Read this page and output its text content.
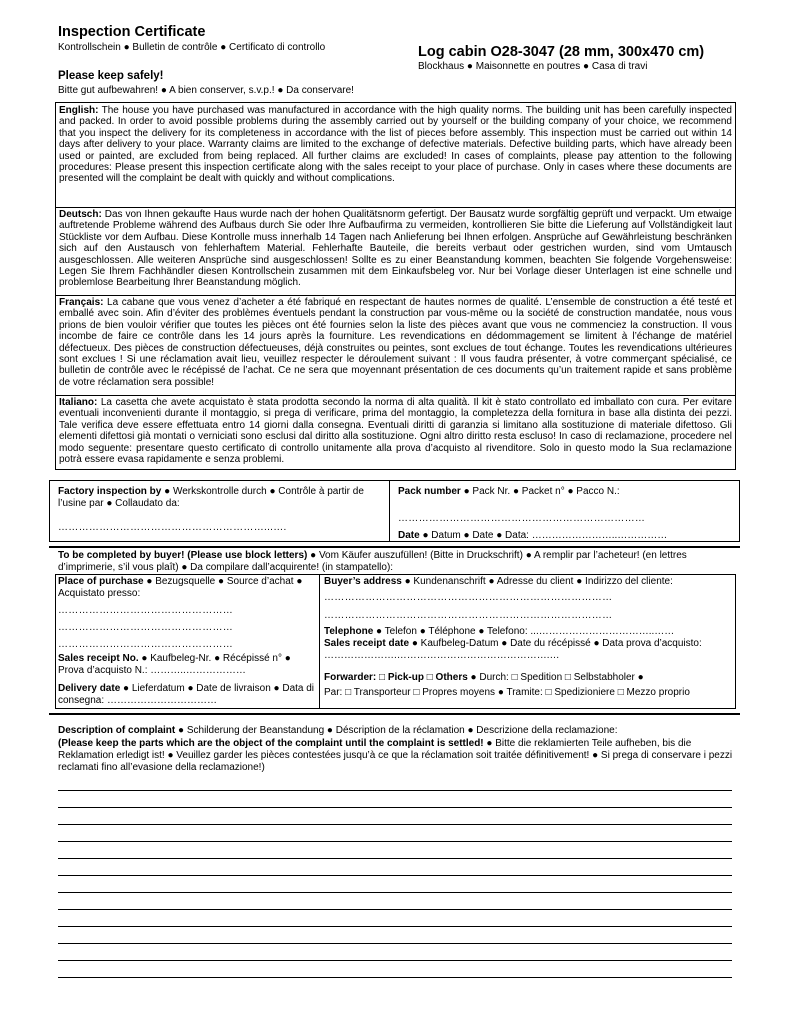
Inspection Certificate
Kontrollschein ● Bulletin de contrôle ● Certificato di controllo	Log cabin O28-3047 (28 mm, 300x470 cm)
Blockhaus ● Maisonnette en poutres ● Casa di travi
Please keep safely!
Bitte gut aufbewahren! ● A bien conserver, s.v.p.! ● Da conservare!
English: The house you have purchased was manufactured in accordance with the high quality norms. The building unit has been carefully inspected and packed. In order to avoid possible problems during the assembly carried out by yourself or the building company of your choice, we recommend that you inspect the delivery for its completeness in accordance with the list of pieces before assembly. This inspection must be carried out within 14 days after delivery to your place. Warranty claims are limited to the exchange of defective materials. Defective building parts, which have already been used or painted, are excluded from being replaced. All further claims are excluded! In cases of complaints, please pay attention to the following procedures: Please present this inspection certificate along with the sales receipt to your place of purchase. Only in cases where these documents are presented will the complaint be dealt with quickly and without complications.
Deutsch: Das von Ihnen gekaufte Haus wurde nach der hohen Qualitätsnorm gefertigt. Der Bausatz wurde sorgfältig geprüft und verpackt. Um etwaige auftretende Probleme während des Aufbaus durch Sie oder Ihre Aufbaufirma zu vermeiden, kontrollieren Sie bitte die Lieferung auf Vollständigkeit laut Stückliste vor dem Aufbau. Diese Kontrolle muss innerhalb 14 Tagen nach Anlieferung bei Ihnen erfolgen. Ansprüche auf Gewährleistung beschränken sich auf den Austausch von fehlerhaftem Material. Fehlerhafte Bauteile, die bereits verbaut oder gestrichen wurden, sind vom Umtausch ausgeschlossen. Alle weiteren Ansprüche sind ausgeschlossen! Sollte es zu einer Beanstandung kommen, beachten Sie folgende Vorgehensweise: Legen Sie Ihrem Fachhändler diesen Kontrollschein zusammen mit dem Einkaufsbeleg vor. Nur bei Vorlage dieser Unterlagen ist eine schnelle und problemlose Bearbeitung Ihrer Beanstandung möglich.
Français: La cabane que vous venez d’acheter a été fabriqué en respectant de hautes normes de qualité. L’ensemble de construction a été testé et emballé avec soin. Afin d’éviter des problèmes éventuels pendant la construction par vous-même ou la société de construction mandatée, nous vous prions de bien vouloir vérifier que toutes les pièces ont été fournies selon la liste des pièces avant que vous ne commenciez la construction. Il vous incombe de faire ce contrôle dans les 14 jours après la fourniture. Les revendications en dédommagement se limitent à l’échange de matériel défectueux. Des pièces de construction défectueuses, déjà construites ou peintes, sont exclues de tout échange. Toutes les revendications ultérieures sont exclues ! Si une réclamation avait lieu, veuillez respecter le déroulement suivant : Il vous faudra présenter, à votre commerçant spécialisé, ce bulletin de contrôle avec le récépissé de l’achat. Ce ne sera que moyennant présentation de ces documents qu’un traitement rapide et sans problème de votre réclamation sera possible!
Italiano: La casetta che avete acquistato è stata prodotta secondo la norma di alta qualità. Il kit è stato controllato ed imballato con cura. Per evitare eventuali inconvenienti durante il montaggio, si prega di verificare, prima del montaggio, la completezza della fornitura in base alla distinta dei pezzi. Tale verifica deve essere effettuata entro 14 giorni dalla consegna. Eventuali diritti di garanzia si limitano alla sostituzione di materiale difettoso. Gli elementi difettosi già montati o verniciati sono esclusi dal diritto alla sostituzione. Ogni altro diritto resta escluso! In caso di reclamazione, procedere nel modo seguente: presentare questo certificato di controllo unitamente alla prova d’acquisto al rivenditore. Solo in questo modo la Sua reclamazione potrà essere evasa rapidamente e senza problemi.
Factory inspection by ● Werkskontrolle durch ● Contrôle à partir de l’usine par ● Collaudato da:
……………………………………………………...….
Pack number ● Pack Nr. ● Packet n° ● Pacco N.:
………………………………………………………………
Date ● Datum ● Date ● Data: ……………………..……………
To be completed by buyer! (Please use block letters) ● Vom Käufer auszufüllen! (Bitte in Druckschrift) ● A remplir par l’acheteur! (en lettres d’imprimerie, s’il vous plaît) ● Da compilare dall’acquirente! (in stampatello):
Place of purchase ● Bezugsquelle ● Source d’achat ● Acquistato presso:
……………………………………………
……………………………………………
……………………………………………
Sales receipt No. ● Kaufbeleg-Nr. ● Récépissé n° ● Prova d’acquisto N.: ………..………………
Delivery date ● Lieferdatum ● Date de livraison ● Data di consegna: ……………………………
Buyer’s address ● Kundenanschrift ● Adresse du client ● Indirizzo del cliente:
…………………………………………………………………………
…………………………………………………………………………
Telephone ● Telefon ● Téléphone ● Telefono: ...……………………………..……
Sales receipt date ● Kaufbeleg-Datum ● Date du récépissé ● Data prova d’acquisto: ………………….……………………………………….…
Forwarder: □ Pick-up □ Others ● Durch: □ Spedition □ Selbstabholer ●
Par: □ Transporteur □ Propres moyens ● Tramite: □ Spedizioniere □ Mezzo proprio
Description of complaint ● Schilderung der Beanstandung ● Déscription de la réclamation ● Descrizione della reclamazione:
(Please keep the parts which are the object of the complaint until the complaint is settled! ● Bitte die reklamierten Teile aufheben, bis die Reklamation erledigt ist! ● Veuillez garder les pièces contestées jusqu’à ce que la réclamation soit traitée définitivement! ● Si prega di conservare i pezzi reclamati fino all’evasione della reclamazione!)
